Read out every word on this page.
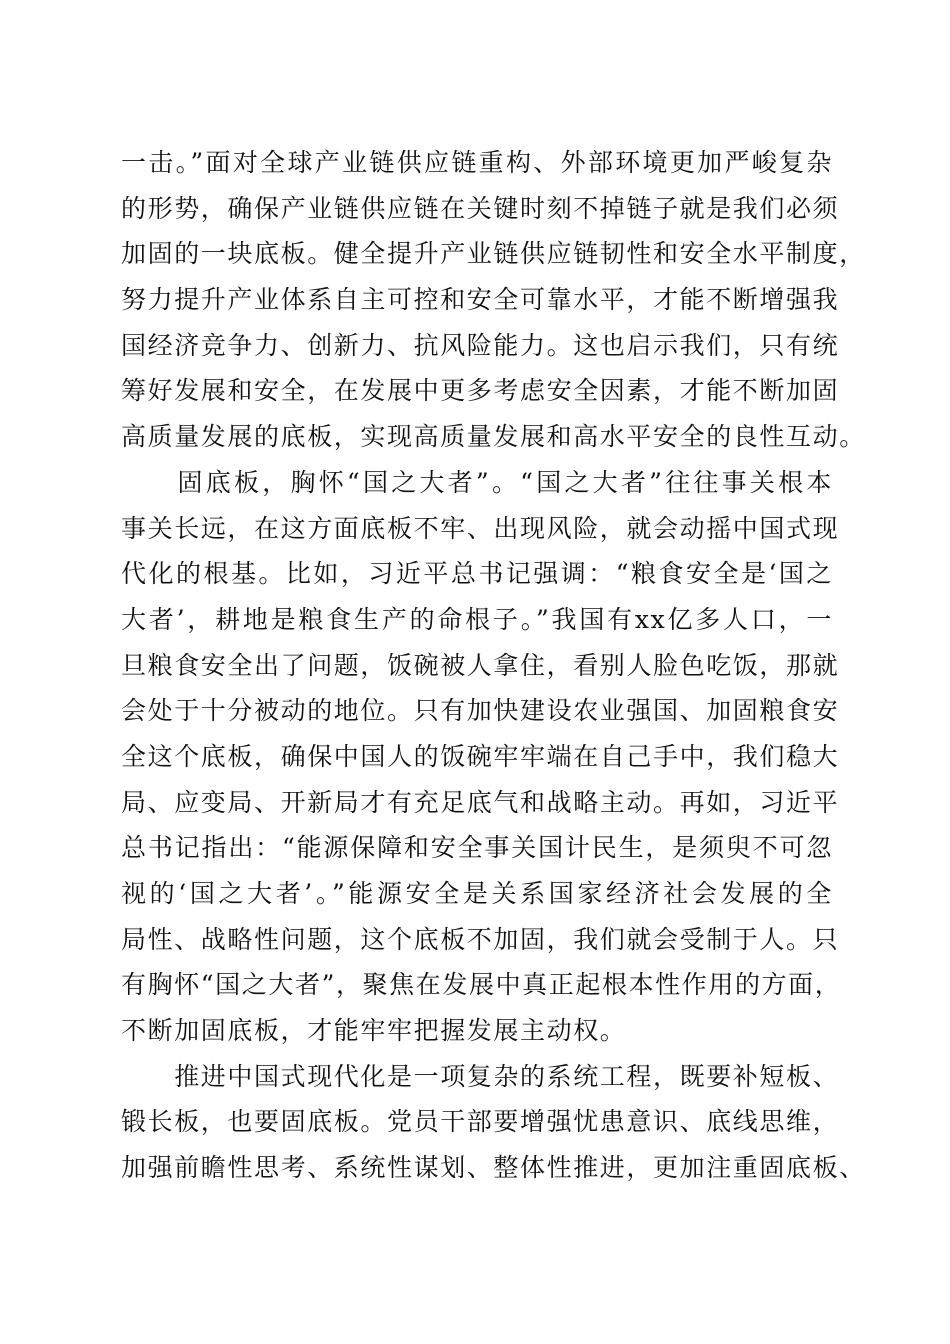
一击。”面对全球产业链供应链重构、外部环境更加严峻复杂
的形势，确保产业链供应链在关键时刻不掉链子就是我们必须
加固的一块底板。健全提升产业链供应链韧性和安全水平制度，
努力提升产业体系自主可控和安全可靠水平，才能不断增强我
国经济竞争力、创新力、抗风险能力。这也启示我们，只有统
筹好发展和安全，在发展中更多考虑安全因素，才能不断加固
高质量发展的底板，实现高质量发展和高水平安全的良性互动。
　　固底板，胸怀“国之大者”。“国之大者”往往事关根本
事关长远，在这方面底板不牢、出现风险，就会动摇中国式现
代化的根基。比如，习近平总书记强调：“粮食安全是‘国之
大者’，耕地是粮食生产的命根子。”我国有xx亿多人口，一
旦粮食安全出了问题，饭碗被人拿住，看别人脸色吃饭，那就
会处于十分被动的地位。只有加快建设农业强国、加固粮食安
全这个底板，确保中国人的饭碗牢牢端在自己手中，我们稳大
局、应变局、开新局才有充足底气和战略主动。再如，习近平
总书记指出：“能源保障和安全事关国计民生，是须臾不可忽
视的‘国之大者’。”能源安全是关系国家经济社会发展的全
局性、战略性问题，这个底板不加固，我们就会受制于人。只
有胸怀“国之大者”，聚焦在发展中真正起根本性作用的方面，
不断加固底板，才能牢牢把握发展主动权。
　　推进中国式现代化是一项复杂的系统工程，既要补短板、
锻长板，也要固底板。党员干部要增强忧患意识、底线思维，
加强前瞻性思考、系统性谋划、整体性推进，更加注重固底板、
